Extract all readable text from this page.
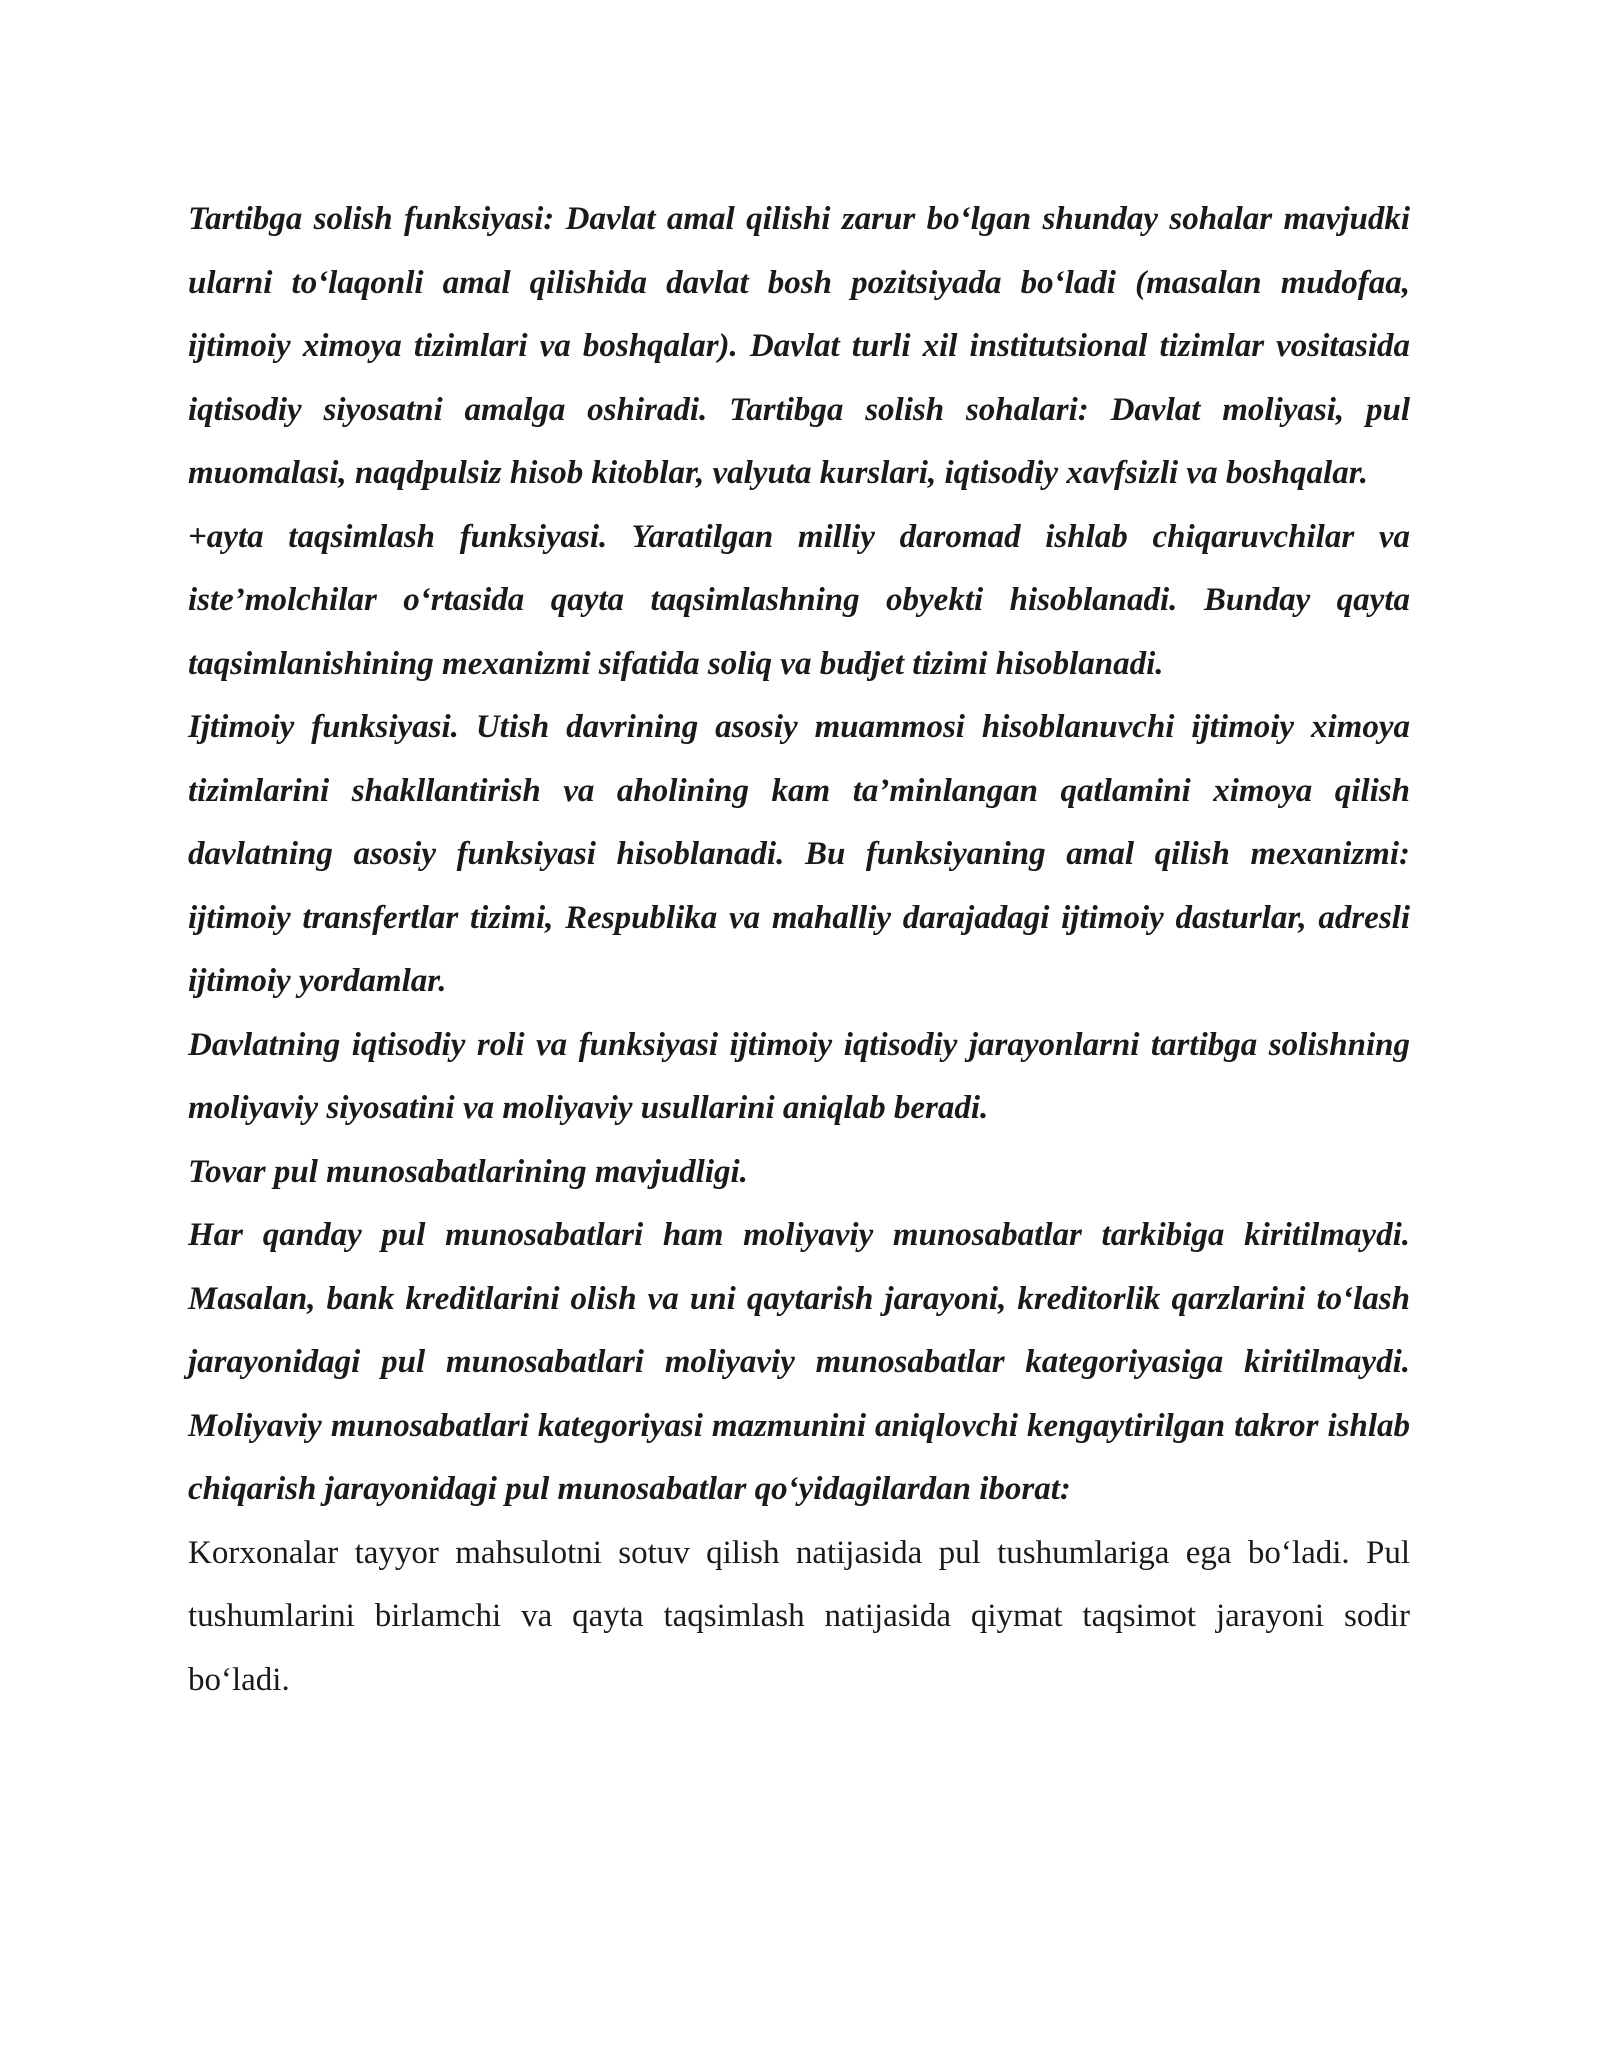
Tartibga solish funksiyasi: Davlat amal qilishi zarur bo‘lgan shunday sohalar mavjudki ularni to‘laqonli amal qilishida davlat bosh pozitsiyada bo‘ladi (masalan mudofaa, ijtimoiy ximoya tizimlari va boshqalar). Davlat turli xil institutsional tizimlar vositasida iqtisodiy siyosatni amalga oshiradi. Tartibga solish sohalari: Davlat moliyasi, pul muomalasi, naqdpulsiz hisob kitoblar, valyuta kurslari, iqtisodiy xavfsizli va boshqalar.

+ayta taqsimlash funksiyasi. Yaratilgan milliy daromad ishlab chiqaruvchilar va iste’molchilar o‘rtasida qayta taqsimlashning obyekti hisoblanadi. Bunday qayta taqsimlanishining mexanizmi sifatida soliq va budjet tizimi hisoblanadi.

Ijtimoiy funksiyasi. Utish davrining asosiy muammosi hisoblanuvchi ijtimoiy ximoya tizimlarini shakllantirish va aholining kam ta’minlangan qatlamini ximoya qilish davlatning asosiy funksiyasi hisoblanadi. Bu funksiyaning amal qilish mexanizmi: ijtimoiy transfertlar tizimi, Respublika va mahalliy darajadagi ijtimoiy dasturlar, adresli ijtimoiy yordamlar.

Davlatning iqtisodiy roli va funksiyasi ijtimoiy iqtisodiy jarayonlarni tartibga solishning moliyaviy siyosatini va moliyaviy usullarini aniqlab beradi.

Tovar pul munosabatlarining mavjudligi.

Har qanday pul munosabatlari ham moliyaviy munosabatlar tarkibiga kiritilmaydi. Masalan, bank kreditlarini olish va uni qaytarish jarayoni, kreditorlik qarzlarini to‘lash jarayonidagi pul munosabatlari moliyaviy munosabatlar kategoriyasiga kiritilmaydi. Moliyaviy munosabatlari kategoriyasi mazmunini aniqlovchi kengaytirilgan takror ishlab chiqarish jarayonidagi pul munosabatlar qo‘yidagilardan iborat:

Korxonalar tayyor mahsulotni sotuv qilish natijasida pul tushumlariga ega bo‘ladi. Pul tushumlarini birlamchi va qayta taqsimlash natijasida qiymat taqsimot jarayoni sodir bo‘ladi.
